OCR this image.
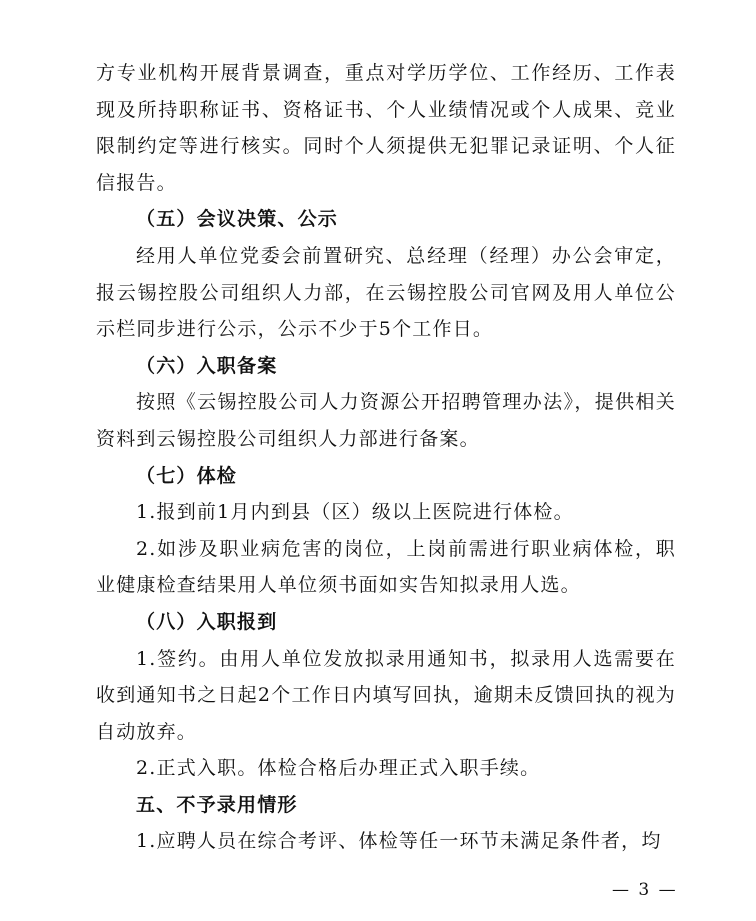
方专业机构开展背景调查，重点对学历学位、工作经历、工作表现及所持职称证书、资格证书、个人业绩情况或个人成果、竞业限制约定等进行核实。同时个人须提供无犯罪记录证明、个人征信报告。

（五）会议决策、公示

经用人单位党委会前置研究、总经理（经理）办公会审定，报云锡控股公司组织人力部，在云锡控股公司官网及用人单位公示栏同步进行公示，公示不少于5个工作日。

（六）入职备案

按照《云锡控股公司人力资源公开招聘管理办法》，提供相关资料到云锡控股公司组织人力部进行备案。

（七）体检

1.报到前1月内到县（区）级以上医院进行体检。

2.如涉及职业病危害的岗位，上岗前需进行职业病体检，职业健康检查结果用人单位须书面如实告知拟录用人选。

（八）入职报到

1.签约。由用人单位发放拟录用通知书，拟录用人选需要在收到通知书之日起2个工作日内填写回执，逾期未反馈回执的视为自动放弃。

2.正式入职。体检合格后办理正式入职手续。

五、不予录用情形

1.应聘人员在综合考评、体检等任一环节未满足条件者，均

— 3 —
